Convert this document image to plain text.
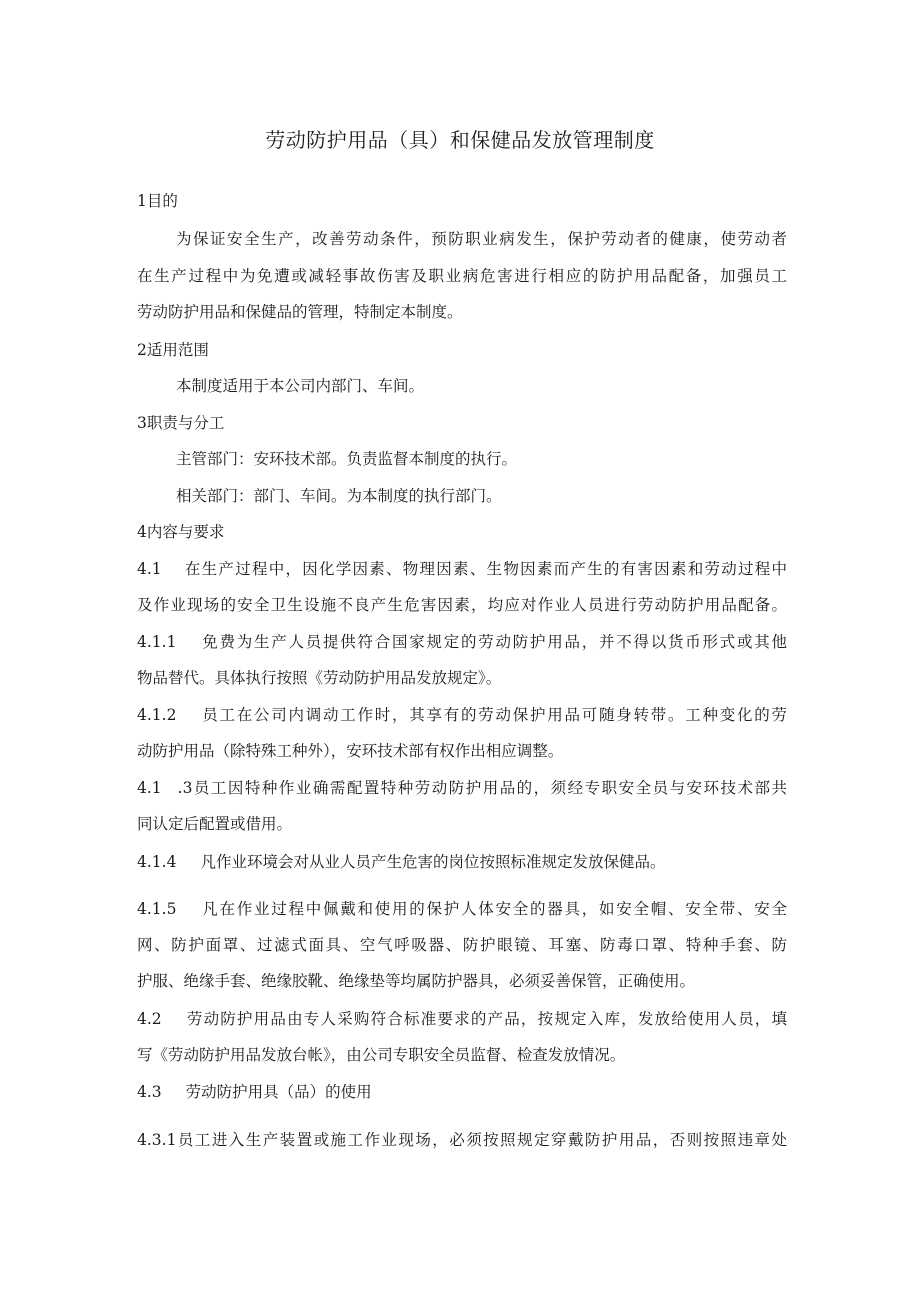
劳动防护用品（具）和保健品发放管理制度
1目的
为保证安全生产，改善劳动条件，预防职业病发生，保护劳动者的健康，使劳动者
在生产过程中为免遭或减轻事故伤害及职业病危害进行相应的防护用品配备，加强员工
劳动防护用品和保健品的管理，特制定本制度。
2适用范围
本制度适用于本公司内部门、车间。
3职责与分工
主管部门：安环技术部。负责监督本制度的执行。
相关部门：部门、车间。为本制度的执行部门。
4内容与要求
4.1 在生产过程中，因化学因素、物理因素、生物因素而产生的有害因素和劳动过程中
及作业现场的安全卫生设施不良产生危害因素，均应对作业人员进行劳动防护用品配备。
4.1.1 免费为生产人员提供符合国家规定的劳动防护用品，并不得以货币形式或其他
物品替代。具体执行按照《劳动防护用品发放规定》。
4.1.2 员工在公司内调动工作时，其享有的劳动保护用品可随身转带。工种变化的劳
动防护用品（除特殊工种外），安环技术部有权作出相应调整。
4.1 .3员工因特种作业确需配置特种劳动防护用品的，须经专职安全员与安环技术部共
同认定后配置或借用。
4.1.4 凡作业环境会对从业人员产生危害的岗位按照标准规定发放保健品。
4.1.5 凡在作业过程中佩戴和使用的保护人体安全的器具，如安全帽、安全带、安全
网、防护面罩、过滤式面具、空气呼吸器、防护眼镜、耳塞、防毒口罩、特种手套、防
护服、绝缘手套、绝缘胶靴、绝缘垫等均属防护器具，必须妥善保管，正确使用。
4.2 劳动防护用品由专人采购符合标准要求的产品，按规定入库，发放给使用人员，填
写《劳动防护用品发放台帐》，由公司专职安全员监督、检查发放情况。
4.3 劳动防护用具（品）的使用
4.3.1员工进入生产装置或施工作业现场，必须按照规定穿戴防护用品，否则按照违章处
